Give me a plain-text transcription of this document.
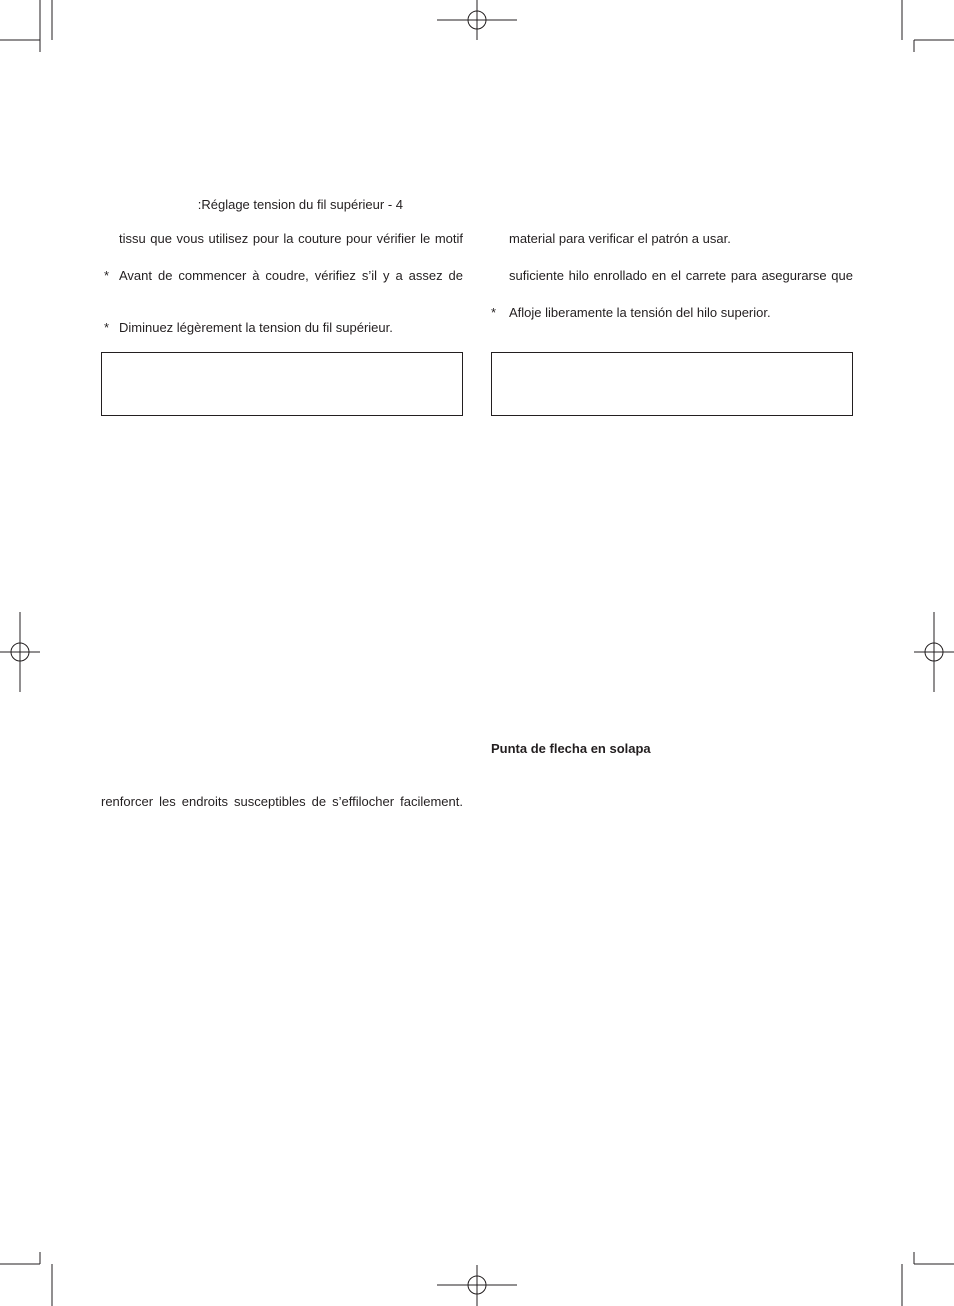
4 - Réglage tension du fil supérieur:
tissu que vous utilisez pour la couture pour vérifier le motif
* Avant de commencer à coudre, vérifiez s’il y a assez de
* Diminuez légèrement la tension du fil supérieur.
renforcer les endroits susceptibles de s’effilocher facilement.
material para verificar el patrón a usar.
suficiente hilo enrollado en el carrete para asegurarse que
* Afloje liberamente la tensión del hilo superior.
Punta de flecha en solapa
